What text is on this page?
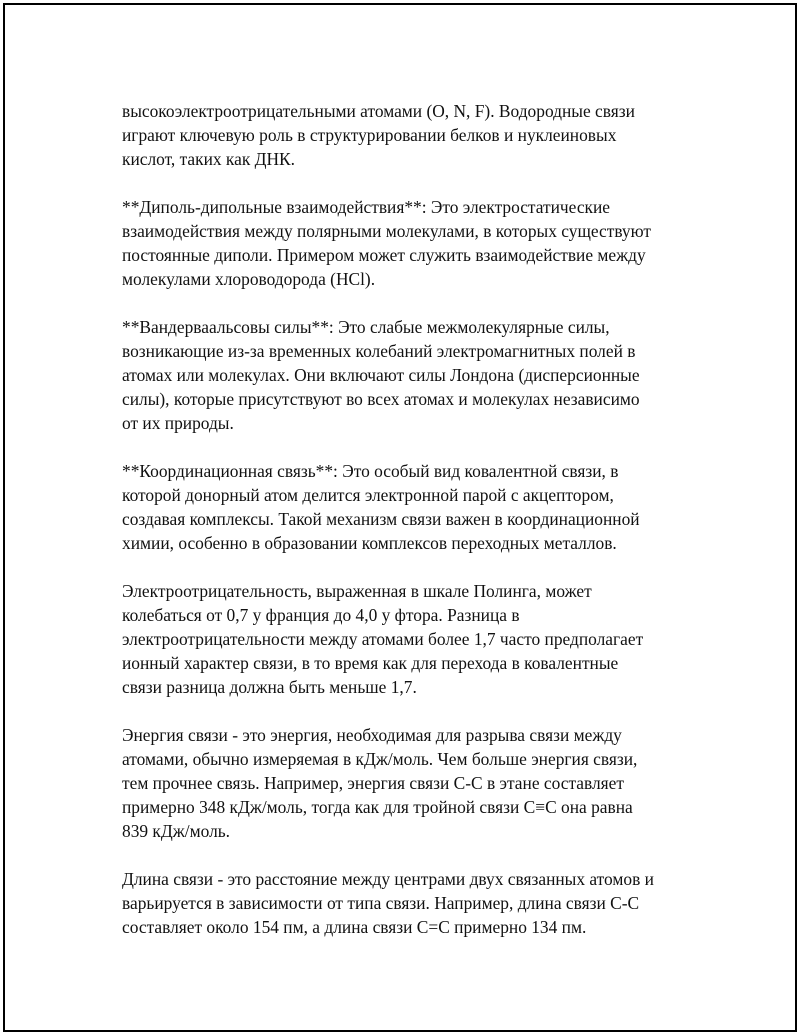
высокоэлектроотрицательными атомами (O, N, F). Водородные связи
играют ключевую роль в структурировании белков и нуклеиновых
кислот, таких как ДНК.

**Диполь-дипольные взаимодействия**: Это электростатические
взаимодействия между полярными молекулами, в которых существуют
постоянные диполи. Примером может служить взаимодействие между
молекулами хлороводорода (HCl).

**Вандерваальсовы силы**: Это слабые межмолекулярные силы,
возникающие из-за временных колебаний электромагнитных полей в
атомах или молекулах. Они включают силы Лондона (дисперсионные
силы), которые присутствуют во всех атомах и молекулах независимо
от их природы.

**Координационная связь**: Это особый вид ковалентной связи, в
которой донорный атом делится электронной парой с акцептором,
создавая комплексы. Такой механизм связи важен в координационной
химии, особенно в образовании комплексов переходных металлов.

Электроотрицательность, выраженная в шкале Полинга, может
колебаться от 0,7 у франция до 4,0 у фтора. Разница в
электроотрицательности между атомами более 1,7 часто предполагает
ионный характер связи, в то время как для перехода в ковалентные
связи разница должна быть меньше 1,7.

Энергия связи - это энергия, необходимая для разрыва связи между
атомами, обычно измеряемая в кДж/моль. Чем больше энергия связи,
тем прочнее связь. Например, энергия связи C-C в этане составляет
примерно 348 кДж/моль, тогда как для тройной связи C≡C она равна
839 кДж/моль.

Длина связи - это расстояние между центрами двух связанных атомов и
варьируется в зависимости от типа связи. Например, длина связи C-C
составляет около 154 пм, а длина связи C=C примерно 134 пм.
